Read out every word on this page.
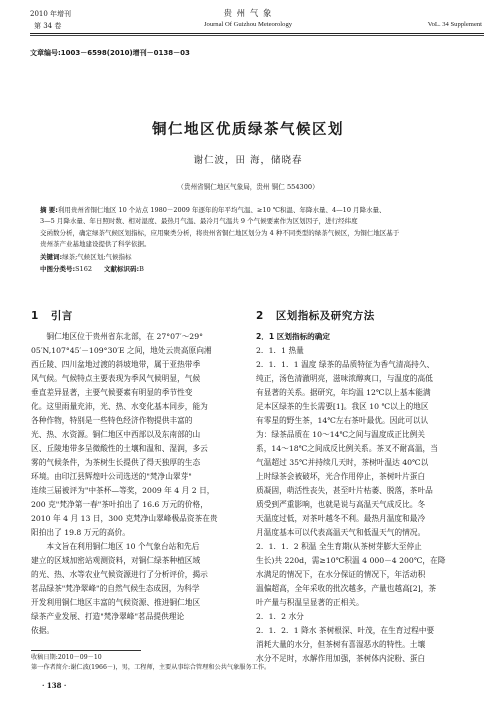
2010 年增刊
第 34 卷
贵 州 气 象
Journal Of Guizhou Meteorology	VoL. 34 Supplement
文章编号:1003－6598(2010)增刊－0138－03
铜仁地区优质绿茶气候区划
谢仁波，田 海，储晓春
（贵州省铜仁地区气象局，贵州 铜仁 554300）
摘 要:利用贵州省铜仁地区 10 个站点 1980－2009 年逐年的年平均气温、≥10 ℃积温、年降水量、4—10 月降水量、
3—5 月降水量、年日照时数、相对湿度、最热月气温、最冷月气温共 9 个气候要素作为区划因子，进行经纬度
交函数分析，确定绿茶气候区划指标，应用聚类分析，将贵州省铜仁地区划分为 4 种不同类型的绿茶气候区，为铜仁地区基于
贵州茶产业基地建设提供了科学依据。
关键词:绿茶;气候区划;气候指标
中图分类号:S162 文献标识码:B
1 引言
铜仁地区位于贵州省东北部，在 27°07′～29°
05′N,107°45′－109°30′E 之间，地处云贵高原向湘
西丘陵、四川盆地过渡的斜坡地带，属于亚热带季
风气候。气候特点主要表现为季风气候明显，气候
垂直差异显著，主要气候要素有明显的季节性变
化。这里雨量充沛，光、热、水变化基本同步，能为
各种作物，特别是一些特色经济作物提供丰富的
光、热、水资源。铜仁地区中西部以及东南部的山
区、丘陵地带多呈微酸性的土壤和温和、湿润，多云
雾的气候条件，为茶树生长提供了得天独厚的生态
环境。由印江县辉煌叶公司选送的"梵净山翠芽"
连续三届被评为"中茶杯—等奖，2009 年 4 月 2 日，
200 克"梵净第一春"茶叶拍出了 16.6 万元的价格，
2010 年 4 月 13 日，300 克梵净山翠峰极品资茶在贵
阳拍出了 19.8 万元的高价。
本文旨在利用铜仁地区 10 个气象台站和先后
建立的区域加密站观测资料，对铜仁绿茶种植区域
的光、热、水等农业气候资源进行了分析评价，揭示
茗品绿茶"梵净翠峰"的自然气候生态成因，为科学
开发利用铜仁地区丰富的气候资源、推进铜仁地区
绿茶产业发展、打造"梵净翠峰"茗品提供理论
依据。
2 区划指标及研究方法
2．1 区划指标的确定
2．1．1 热量
2．1．1．1 温度 绿茶的品质特征为香气清高持久、
纯正，汤色清澈明亮，滋味浓醇爽口，与温度的高低
有显著的关系。据研究，年均温 12℃以上基本能满
足本区绿茶的生长需要[1]。我区 10 ℃以上的地区
有零星的野生茶，14℃左右茶叶最优。因此可以认
为：绿茶品质在 10～14℃之间与温度成正比例关
系，14～18℃之间成反比例关系。茶叉不耐高温，当
气温超过 35℃并持续几天时，茶树叶温达 40℃以
上时绿茶会被破坏，光合作用停止，茶树叶片蛋白
质凝固，萌活性丧失，甚至叶片枯萎、脱落，茶叶品
质受到严重影响，也就是说与高温天气成反比。冬
天温度过低，对茶叶越冬不利。最热月温度和最冷
月温度基本可以代表高温天气和低温天气的情况。
2．1．1．2 积温 全生育期(从茶树芽膨大至停止
生长)共 220d，需≥10℃积温 4 000－4 200℃，在降
水满足的情况下，在水分保证的情况下，年活动积
温偏超高，全年采收的批次越多，产量也越高[2]，茶
叶产量与积温呈显著的正相关。
2．1．2 水分
2．1．2．1 降水 茶树根深、叶茂，在生育过程中要
消耗大量的水分，但茶树有喜湿恶水的特性。土壤
水分不足时，水解作用加强，茶树体内淀粉、蛋白
收稿日期:2010－09－10
第一作者简介:谢仁波(1966－)，男，工程师，主要从事综合管理和公共气象服务工作。
· 138 ·
